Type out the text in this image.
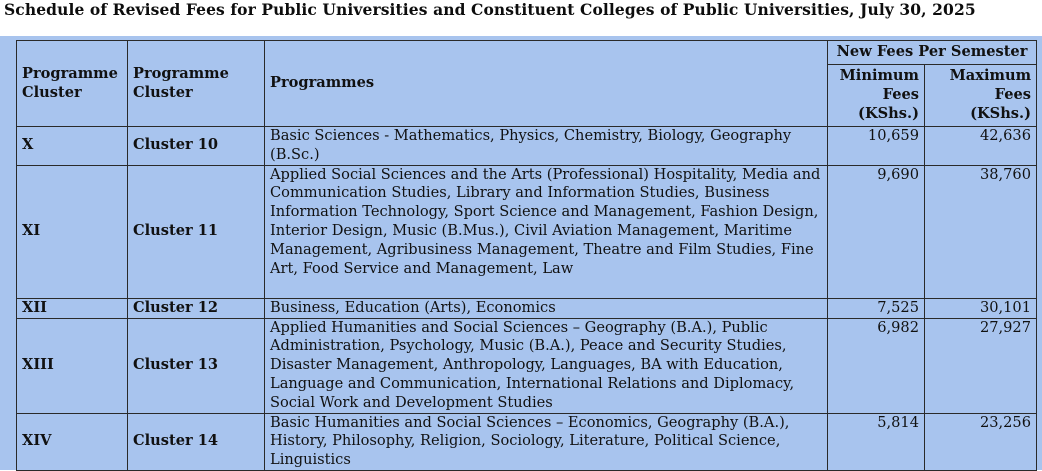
Schedule of Revised Fees for Public Universities and Constituent Colleges of Public Universities, July 30, 2025
Programme Cluster	Programme Cluster	Programmes	New Fees Per Semester	
			Minimum Fees (KShs.)	Maximum Fees (KShs.)
X	Cluster 10	Basic Sciences - Mathematics, Physics, Chemistry, Biology, Geography (B.Sc.)	10,659	42,636
XI	Cluster 11	Applied Social Sciences and the Arts (Professional) Hospitality, Media and Communication Studies, Library and Information Studies, Business Information Technology, Sport Science and Management, Fashion Design, Interior Design, Music (B.Mus.), Civil Aviation Management, Maritime Management, Agribusiness Management, Theatre and Film Studies, Fine Art, Food Service and Management, Law	9,690	38,760
XII	Cluster 12	Business, Education (Arts), Economics	7,525	30,101
XIII	Cluster 13	Applied Humanities and Social Sciences – Geography (B.A.), Public Administration, Psychology, Music (B.A.), Peace and Security Studies, Disaster Management, Anthropology, Languages, BA with Education, Language and Communication, International Relations and Diplomacy, Social Work and Development Studies	6,982	27,927
XIV	Cluster 14	Basic Humanities and Social Sciences – Economics, Geography (B.A.), History, Philosophy, Religion, Sociology, Literature, Political Science, Linguistics	5,814	23,256
